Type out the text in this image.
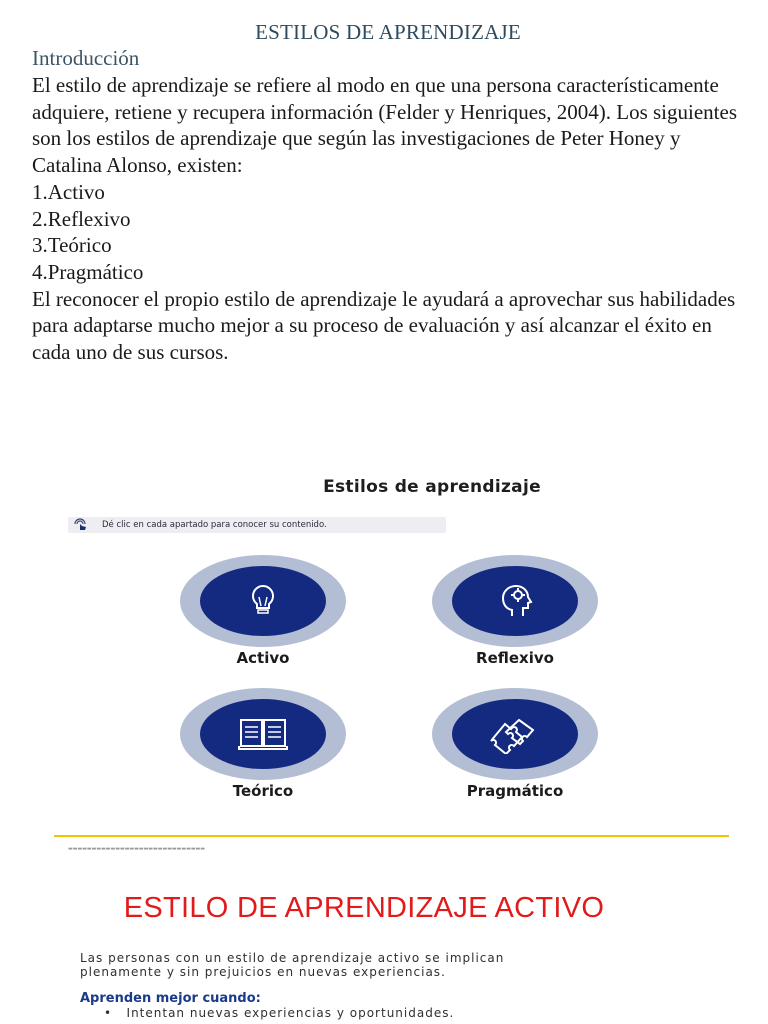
ESTILOS DE APRENDIZAJE
Introducción

El estilo de aprendizaje se refiere al modo en que una persona característicamente adquiere, retiene y recupera información (Felder y Henriques, 2004). Los siguientes son los estilos de aprendizaje que según las investigaciones de Peter Honey y Catalina Alonso, existen:

1.Activo

2.Reflexivo

3.Teórico

4.Pragmático

El reconocer el propio estilo de aprendizaje le ayudará a aprovechar sus habilidades para adaptarse mucho mejor a su proceso de evaluación y así alcanzar el éxito en cada uno de sus cursos.

Estilos de aprendizaje
Dé clic en cada apartado para conocer su contenido.
Activo	Reflexivo
Teórico	Pragmático
▬▬▬▬▬▬▬▬▬▬▬▬▬▬▬▬▬▬▬▬▬▬▬▬▬▬▬▬▬
ESTILO DE APRENDIZAJE ACTIVO
Las personas con un estilo de aprendizaje activo se implican
plenamente y sin prejuicios en nuevas experiencias.
Aprenden mejor cuando:
•   Intentan nuevas experiencias y oportunidades.
